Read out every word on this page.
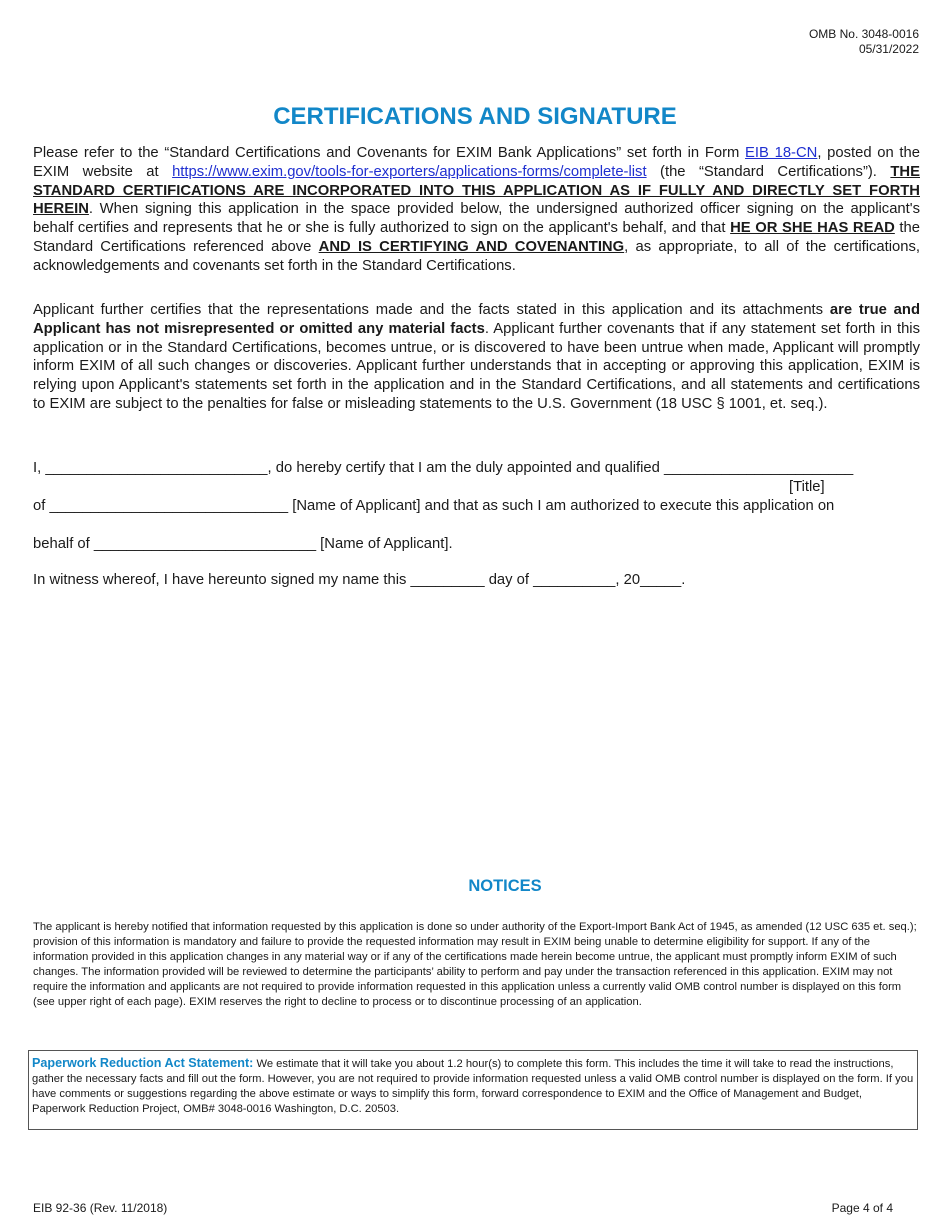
OMB No. 3048-0016
05/31/2022
CERTIFICATIONS AND SIGNATURE

Please refer to the “Standard Certifications and Covenants for EXIM Bank Applications” set forth in Form EIB 18-CN, posted on the EXIM website at https://www.exim.gov/tools-for-exporters/applications-forms/complete-list (the “Standard Certifications”). THE STANDARD CERTIFICATIONS ARE INCORPORATED INTO THIS APPLICATION AS IF FULLY AND DIRECTLY SET FORTH HEREIN. When signing this application in the space provided below, the undersigned authorized officer signing on the applicant's behalf certifies and represents that he or she is fully authorized to sign on the applicant's behalf, and that HE OR SHE HAS READ the Standard Certifications referenced above AND IS CERTIFYING AND COVENANTING, as appropriate, to all of the certifications, acknowledgements and covenants set forth in the Standard Certifications.

Applicant further certifies that the representations made and the facts stated in this application and its attachments are true and Applicant has not misrepresented or omitted any material facts. Applicant further covenants that if any statement set forth in this application or in the Standard Certifications, becomes untrue, or is discovered to have been untrue when made, Applicant will promptly inform EXIM of all such changes or discoveries. Applicant further understands that in accepting or approving this application, EXIM is relying upon Applicant's statements set forth in the application and in the Standard Certifications, and all statements and certifications to EXIM are subject to the penalties for false or misleading statements to the U.S. Government (18 USC § 1001, et. seq.).

I, ___________________________, do hereby certify that I am the duly appointed and qualified _______________________
[Title]
of _____________________________ [Name of Applicant] and that as such I am authorized to execute this application on
behalf of ___________________________ [Name of Applicant].
In witness whereof, I have hereunto signed my name this _________ day of __________, 20_____.
NOTICES

The applicant is hereby notified that information requested by this application is done so under authority of the Export-Import Bank Act of 1945, as amended (12 USC 635 et. seq.); provision of this information is mandatory and failure to provide the requested information may result in EXIM being unable to determine eligibility for support. If any of the information provided in this application changes in any material way or if any of the certifications made herein become untrue, the applicant must promptly inform EXIM of such changes. The information provided will be reviewed to determine the participants’ ability to perform and pay under the transaction referenced in this application. EXIM may not require the information and applicants are not required to provide information requested in this application unless a currently valid OMB control number is displayed on this form (see upper right of each page). EXIM reserves the right to decline to process or to discontinue processing of an application.

Paperwork Reduction Act Statement: We estimate that it will take you about 1.2 hour(s) to complete this form. This includes the time it will take to read the instructions, gather the necessary facts and fill out the form. However, you are not required to provide information requested unless a valid OMB control number is displayed on the form. If you have comments or suggestions regarding the above estimate or ways to simplify this form, forward correspondence to EXIM and the Office of Management and Budget, Paperwork Reduction Project, OMB# 3048-0016 Washington, D.C. 20503.
EIB 92-36 (Rev. 11/2018)	Page 4 of 4
